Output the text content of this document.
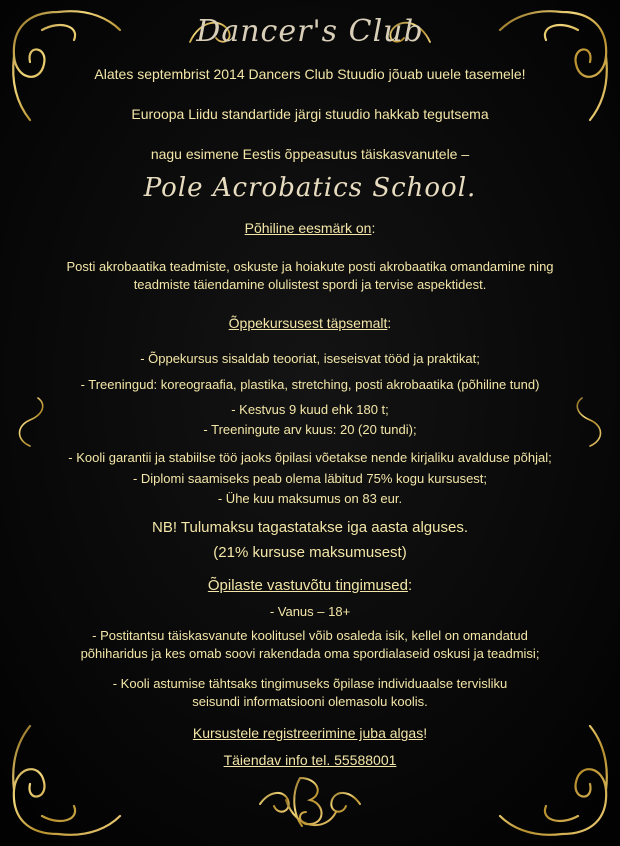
Dancer's Club
Alates septembrist 2014 Dancers Club Stuudio jõuab uuele tasemele!
Euroopa Liidu standartide järgi stuudio hakkab tegutsema
nagu esimene Eestis õppeasutus täiskasvanutele –
Pole Acrobatics School.
Põhiline eesmärk on:
Posti akrobaatika teadmiste, oskuste ja hoiakute posti akrobaatika omandamine ning
teadmiste täiendamine olulistest spordi ja tervise aspektidest.
Õppekursusest täpsemalt:
- Õppekursus sisaldab teooriat, iseseisvat tööd ja praktikat;
- Treeningud: koreograafia, plastika, stretching, posti akrobaatika (põhiline tund)
- Kestvus 9 kuud ehk 180 t;
- Treeningute arv kuus: 20 (20 tundi);
- Kooli garantii ja stabiilse töö jaoks õpilasi võetakse nende kirjaliku avalduse põhjal;
- Diplomi saamiseks peab olema läbitud 75% kogu kursusest;
- Ühe kuu maksumus on 83 eur.
NB! Tulumaksu tagastatakse iga aasta alguses.
(21% kursuse maksumusest)
Õpilaste vastuvõtu tingimused:
- Vanus – 18+
- Postitantsu täiskasvanute koolitusel võib osaleda isik, kellel on omandatud
põhiharidus ja kes omab soovi rakendada oma spordialaseid oskusi ja teadmisi;
- Kooli astumise tähtsaks tingimuseks õpilase individuaalse tervisliku
seisundi informatsiooni olemasolu koolis.
Kursustele registreerimine juba algas!
Täiendav info tel. 55588001
